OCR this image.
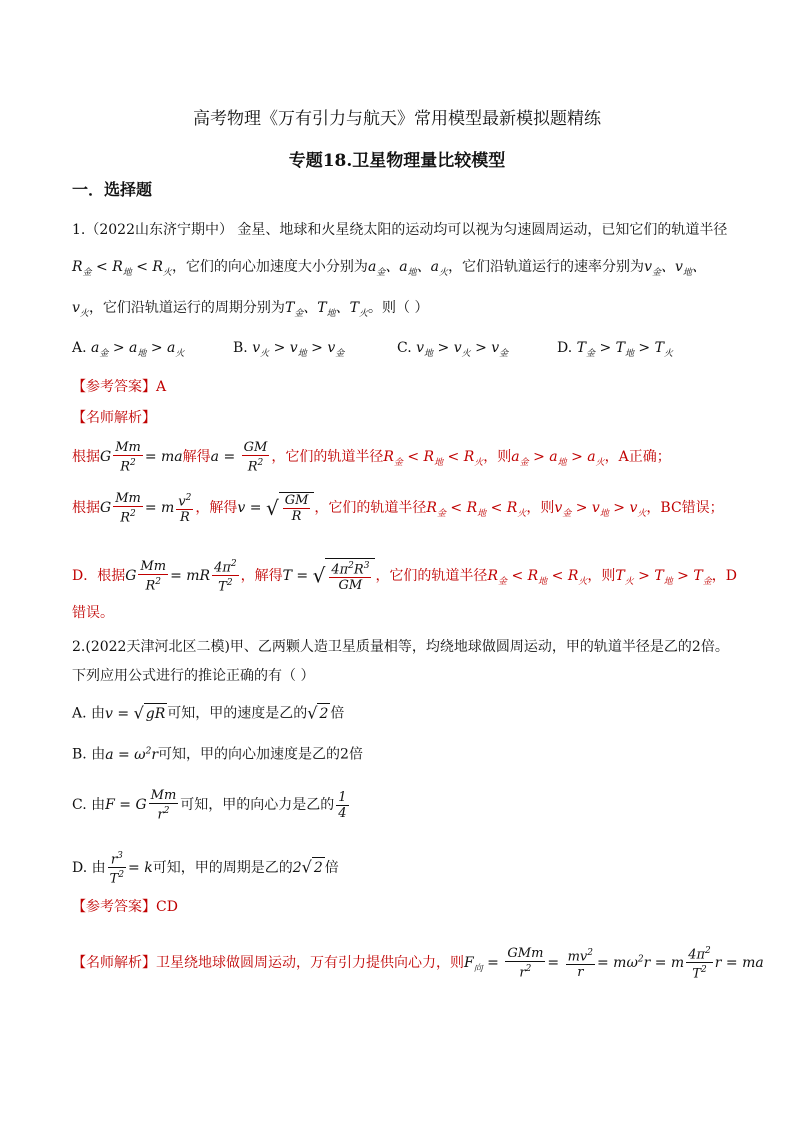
高考物理《万有引力与航天》常用模型最新模拟题精练
专题18.卫星物理量比较模型
一．选择题
1.（2022山东济宁期中） 金星、地球和火星绕太阳的运动均可以视为匀速圆周运动，已知它们的轨道半径
$R_金 < R_地 < R_火$，它们的向心加速度大小分别为$a_金$、$a_地$、$a_火$，它们沿轨道运行的速率分别为$v_金$、$v_地$、
$v_火$，它们沿轨道运行的周期分别为$T_金$、$T_地$、$T_火$。则（ ）
A. $a_金 > a_地 > a_火$	B. $v_火 > v_地 > v_金$	C. $v_地 > v_火 > v_金$	D. $T_金 > T_地 > T_火$
【参考答案】A
【名师解析】
根据G $\frac{Mm}{R^2}$ = ma解得$a = \frac{GM}{R^2}$ ，它们的轨道半径$R_金 < R_地 < R_火$，则$a_金 > a_地 > a_火$，A正确；
根据G $\frac{Mm}{R^2} = m \frac{v^2}{R}$ ，解得v = √ $\frac{GM}{R}$ ，它们的轨道半径$R_金 < R_地 < R_火$，则$v_金 > v_地 > v_火$，BC错误；
D．根据G $\frac{Mm}{R^2}$ = mR $\frac{4\pi^2}{T^2}$ ，解得T = √ $\frac{4\pi^2R^3}{GM}$ ，它们的轨道半径$R_金 < R_地 < R_火$，则$T_火 > T_地 > T_金$，D
错误。
2.(2022天津河北区二模)甲、乙两颗人造卫星质量相等，均绕地球做圆周运动，甲的轨道半径是乙的2倍。
下列应用公式进行的推论正确的有（ ）
A. 由v = √ gR 可知，甲的速度是乙的√ 2 倍
B. 由$a = \omega^2r$可知，甲的向心加速度是乙的2倍
C. 由F = G $\frac{Mm}{r^2}$ 可知，甲的向心力是乙的 $\frac{1}{4}$
D. 由 $\frac{r^3}{T^2} = k$可知，甲的周期是乙的2√ 2 倍
【参考答案】CD
【名师解析】卫星绕地球做圆周运动，万有引力提供向心力，则$F_向 = \frac{\text{GMm}}{r^2} = \frac{mv^2}{r} = m\omega^2r = m \frac{4\pi^2}{T^2}$ r = ma
